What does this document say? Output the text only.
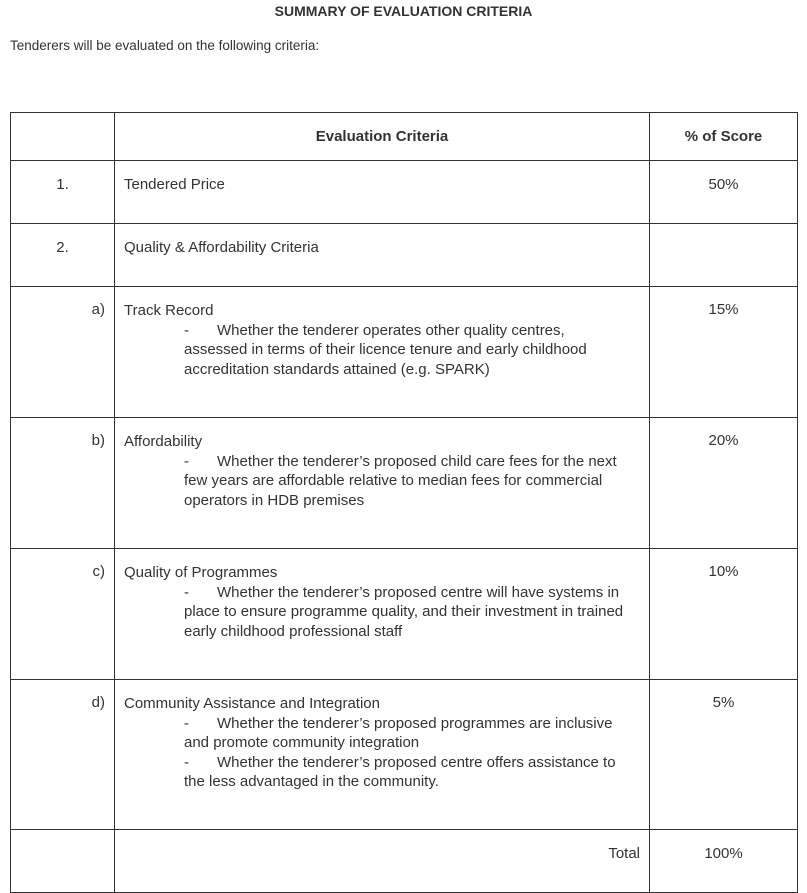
SUMMARY OF EVALUATION CRITERIA
Tenderers will be evaluated on the following criteria:
	Evaluation Criteria	% of Score
1.	Tendered Price	50%
2.	Quality & Affordability Criteria	
a)	Track Record
- Whether the tenderer operates other quality centres,
assessed in terms of their licence tenure and early childhood
accreditation standards attained (e.g. SPARK)	15%
b)	Affordability
- Whether the tenderer’s proposed child care fees for the next
few years are affordable relative to median fees for commercial
operators in HDB premises	20%
c)	Quality of Programmes
- Whether the tenderer’s proposed centre will have systems in
place to ensure programme quality, and their investment in trained
early childhood professional staff	10%
d)	Community Assistance and Integration
- Whether the tenderer’s proposed programmes are inclusive
and promote community integration
- Whether the tenderer’s proposed centre offers assistance to
the less advantaged in the community.	5%
	Total	100%
